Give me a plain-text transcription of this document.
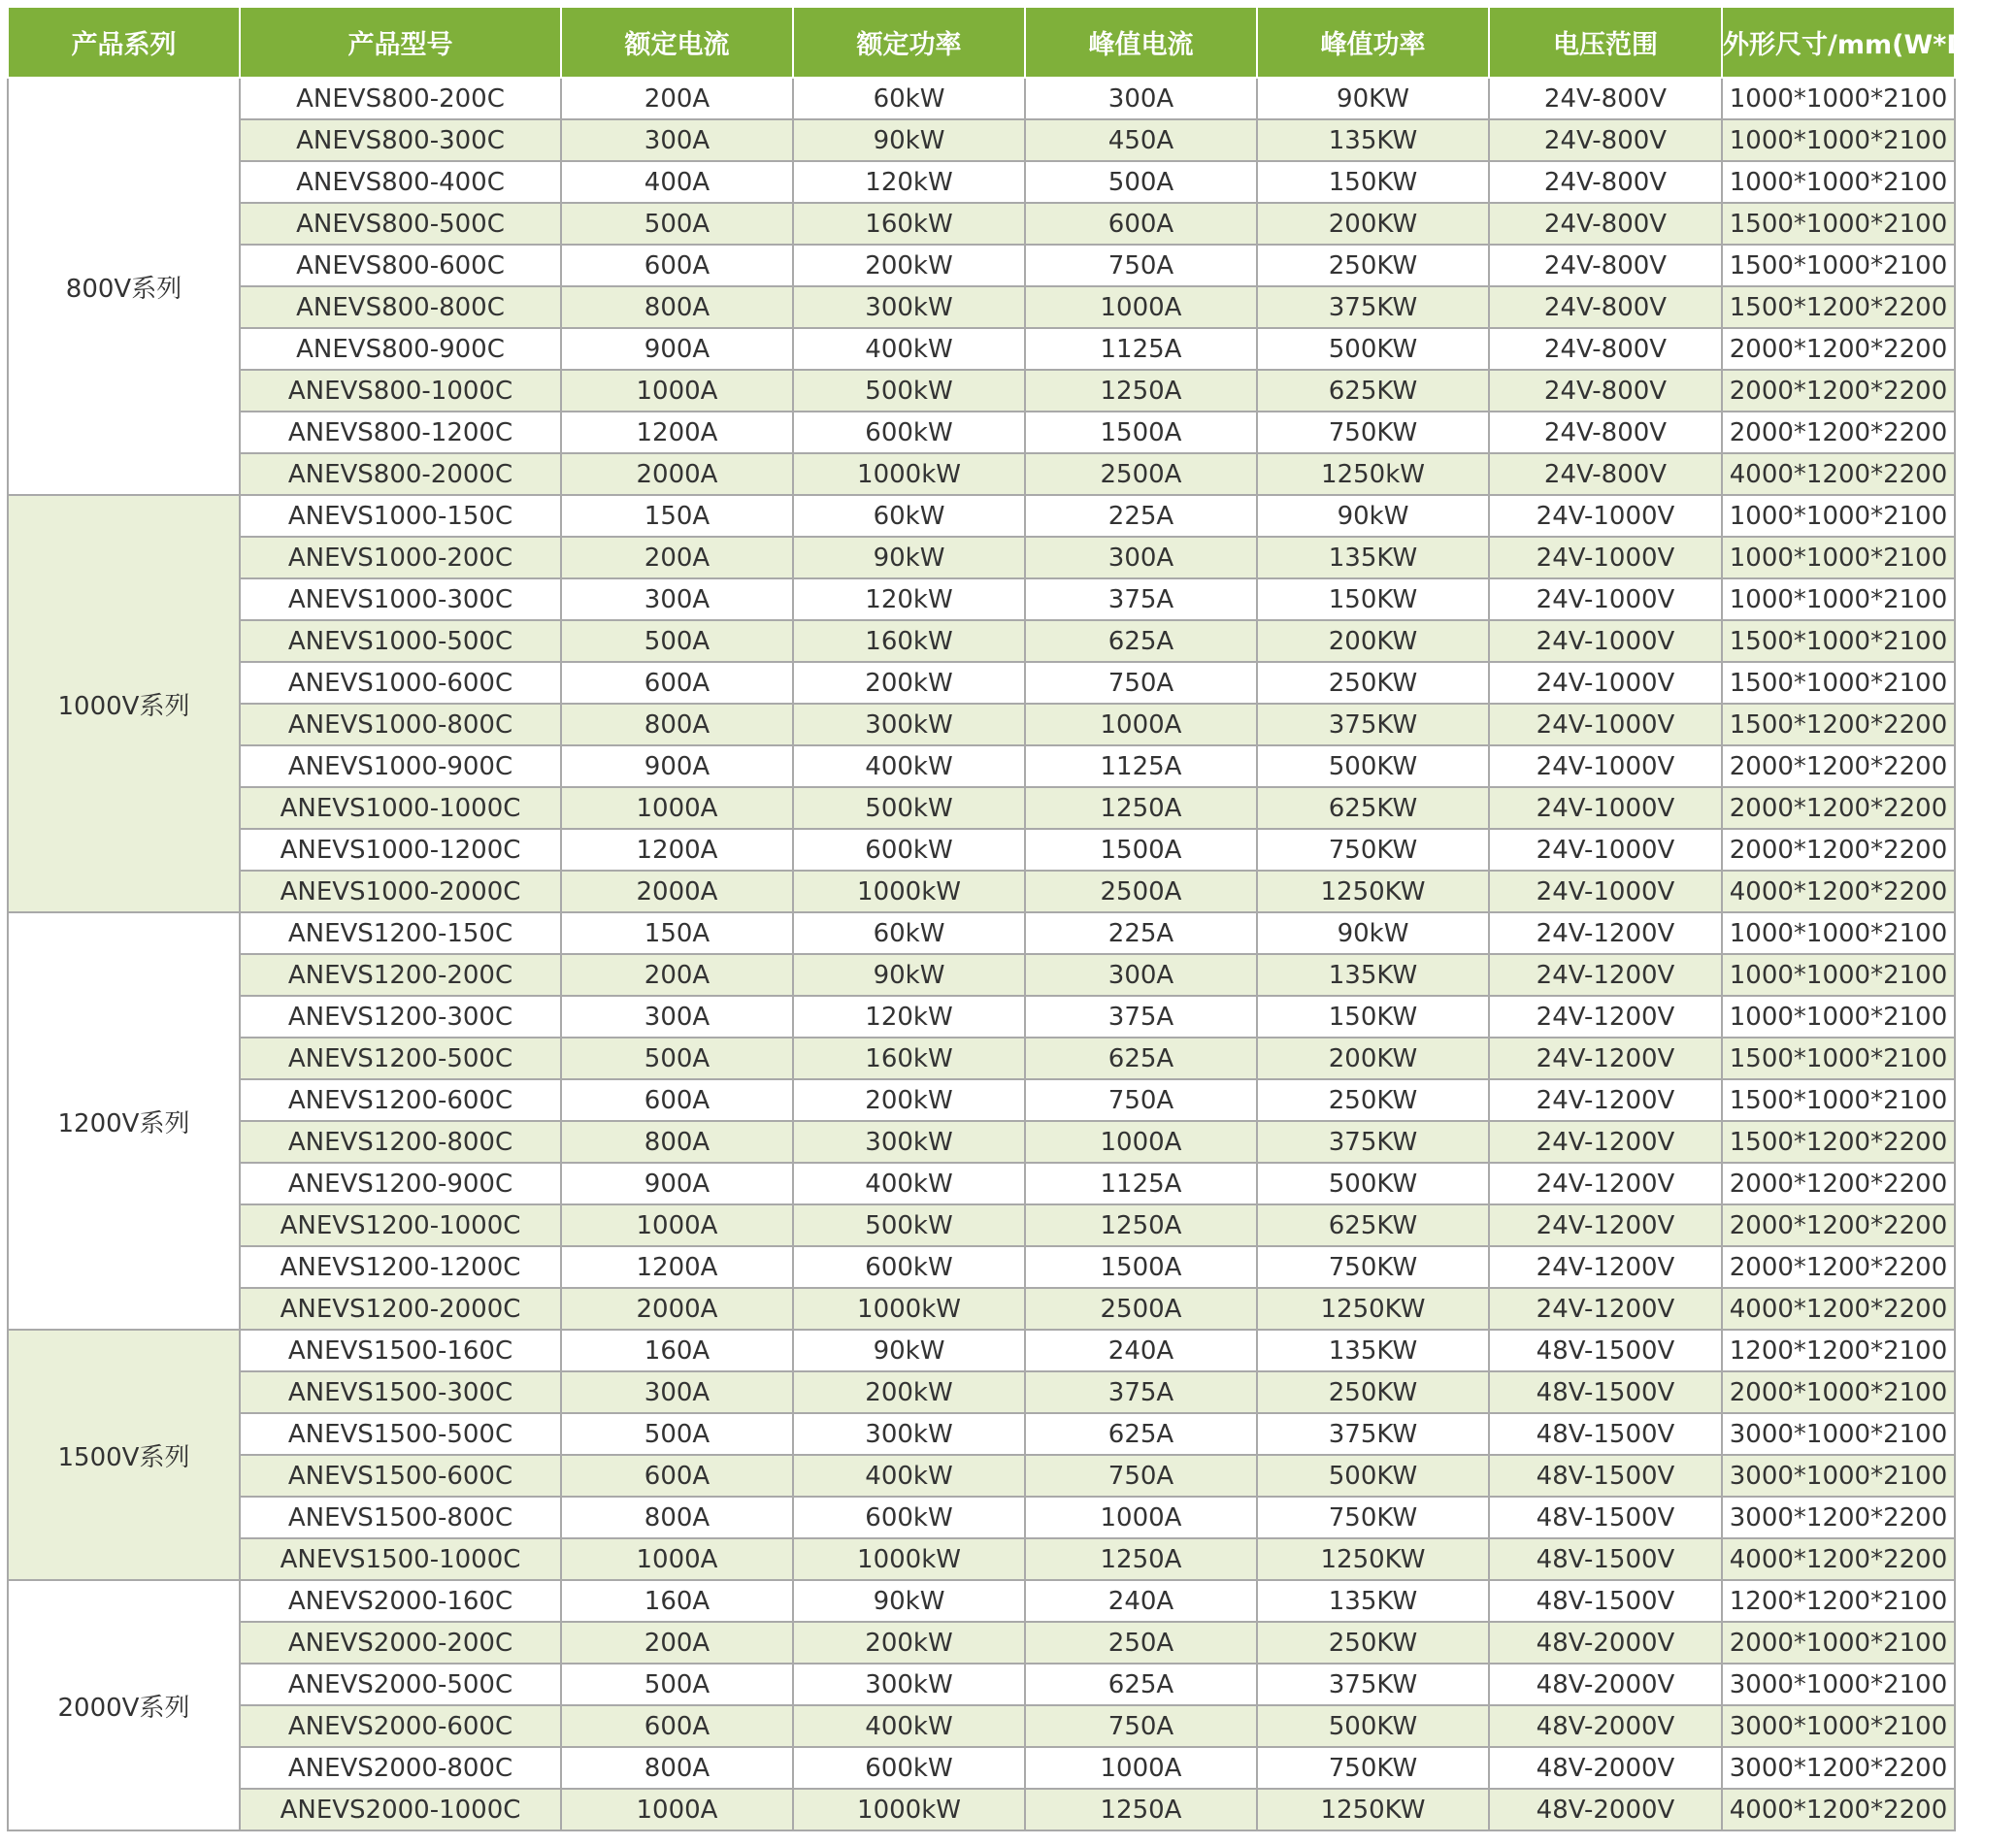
产品系列	产品型号	额定电流	额定功率	峰值电流	峰值功率	电压范围	外形尺寸/mm(W*D*H)
800V系列	ANEVS800-200C	200A	60kW	300A	90KW	24V-800V	1000*1000*2100
	ANEVS800-300C	300A	90kW	450A	135KW	24V-800V	1000*1000*2100
	ANEVS800-400C	400A	120kW	500A	150KW	24V-800V	1000*1000*2100
	ANEVS800-500C	500A	160kW	600A	200KW	24V-800V	1500*1000*2100
	ANEVS800-600C	600A	200kW	750A	250KW	24V-800V	1500*1000*2100
	ANEVS800-800C	800A	300kW	1000A	375KW	24V-800V	1500*1200*2200
	ANEVS800-900C	900A	400kW	1125A	500KW	24V-800V	2000*1200*2200
	ANEVS800-1000C	1000A	500kW	1250A	625KW	24V-800V	2000*1200*2200
	ANEVS800-1200C	1200A	600kW	1500A	750KW	24V-800V	2000*1200*2200
	ANEVS800-2000C	2000A	1000kW	2500A	1250kW	24V-800V	4000*1200*2200
1000V系列	ANEVS1000-150C	150A	60kW	225A	90kW	24V-1000V	1000*1000*2100
	ANEVS1000-200C	200A	90kW	300A	135KW	24V-1000V	1000*1000*2100
	ANEVS1000-300C	300A	120kW	375A	150KW	24V-1000V	1000*1000*2100
	ANEVS1000-500C	500A	160kW	625A	200KW	24V-1000V	1500*1000*2100
	ANEVS1000-600C	600A	200kW	750A	250KW	24V-1000V	1500*1000*2100
	ANEVS1000-800C	800A	300kW	1000A	375KW	24V-1000V	1500*1200*2200
	ANEVS1000-900C	900A	400kW	1125A	500KW	24V-1000V	2000*1200*2200
	ANEVS1000-1000C	1000A	500kW	1250A	625KW	24V-1000V	2000*1200*2200
	ANEVS1000-1200C	1200A	600kW	1500A	750KW	24V-1000V	2000*1200*2200
	ANEVS1000-2000C	2000A	1000kW	2500A	1250KW	24V-1000V	4000*1200*2200
1200V系列	ANEVS1200-150C	150A	60kW	225A	90kW	24V-1200V	1000*1000*2100
	ANEVS1200-200C	200A	90kW	300A	135KW	24V-1200V	1000*1000*2100
	ANEVS1200-300C	300A	120kW	375A	150KW	24V-1200V	1000*1000*2100
	ANEVS1200-500C	500A	160kW	625A	200KW	24V-1200V	1500*1000*2100
	ANEVS1200-600C	600A	200kW	750A	250KW	24V-1200V	1500*1000*2100
	ANEVS1200-800C	800A	300kW	1000A	375KW	24V-1200V	1500*1200*2200
	ANEVS1200-900C	900A	400kW	1125A	500KW	24V-1200V	2000*1200*2200
	ANEVS1200-1000C	1000A	500kW	1250A	625KW	24V-1200V	2000*1200*2200
	ANEVS1200-1200C	1200A	600kW	1500A	750KW	24V-1200V	2000*1200*2200
	ANEVS1200-2000C	2000A	1000kW	2500A	1250KW	24V-1200V	4000*1200*2200
1500V系列	ANEVS1500-160C	160A	90kW	240A	135KW	48V-1500V	1200*1200*2100
	ANEVS1500-300C	300A	200kW	375A	250KW	48V-1500V	2000*1000*2100
	ANEVS1500-500C	500A	300kW	625A	375KW	48V-1500V	3000*1000*2100
	ANEVS1500-600C	600A	400kW	750A	500KW	48V-1500V	3000*1000*2100
	ANEVS1500-800C	800A	600kW	1000A	750KW	48V-1500V	3000*1200*2200
	ANEVS1500-1000C	1000A	1000kW	1250A	1250KW	48V-1500V	4000*1200*2200
2000V系列	ANEVS2000-160C	160A	90kW	240A	135KW	48V-1500V	1200*1200*2100
	ANEVS2000-200C	200A	200kW	250A	250KW	48V-2000V	2000*1000*2100
	ANEVS2000-500C	500A	300kW	625A	375KW	48V-2000V	3000*1000*2100
	ANEVS2000-600C	600A	400kW	750A	500KW	48V-2000V	3000*1000*2100
	ANEVS2000-800C	800A	600kW	1000A	750KW	48V-2000V	3000*1200*2200
	ANEVS2000-1000C	1000A	1000kW	1250A	1250KW	48V-2000V	4000*1200*2200
